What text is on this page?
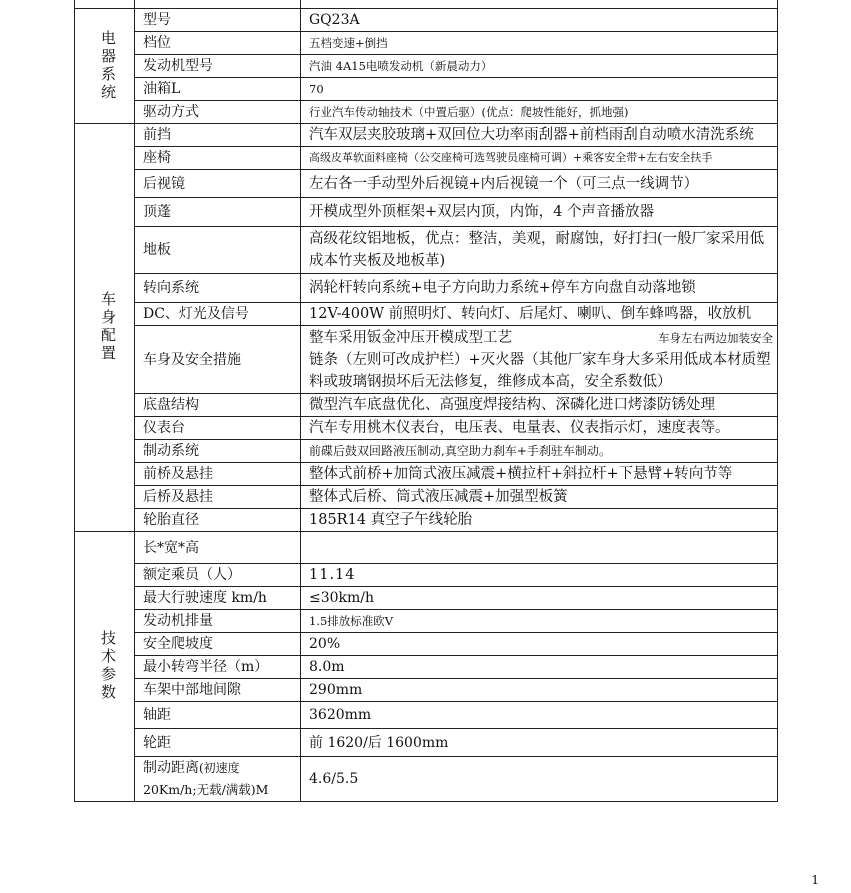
电器系统	型号	GQ23A
	档位	五档变速+倒挡
	发动机型号	汽油 4A15电喷发动机（新晨动力）
	油箱L	70
	驱动方式	行业汽车传动轴技术（中置后驱）(优点：爬坡性能好，抓地强)
车身配置	前挡	汽车双层夹胶玻璃+双回位大功率雨刮器+前档雨刮自动喷水清洗系统
	座椅	高级皮革软面料座椅（公交座椅可选驾驶员座椅可调）+乘客安全带+左右安全扶手
	后视镜	左右各一手动型外后视镜+内后视镜一个（可三点一线调节）
	顶蓬	开模成型外顶框架+双层内顶，内饰，4 个声音播放器
	地板	高级花纹铝地板，优点：整洁，美观，耐腐蚀，好打扫(一般厂家采用低成本竹夹板及地板革)
	转向系统	涡轮杆转向系统+电子方向助力系统+停车方向盘自动落地锁
	DC、灯光及信号	12V-400W 前照明灯、转向灯、后尾灯、喇叭、倒车蜂鸣器，收放机
	车身及安全措施	车身左右两边加装安全
整车采用钣金冲压开模成型工艺
链条（左则可改成护栏）+灭火器（其他厂家车身大多采用低成本材质塑料或玻璃钢损坏后无法修复，维修成本高，安全系数低）
	底盘结构	微型汽车底盘优化、高强度焊接结构、深磷化进口烤漆防锈处理
	仪表台	汽车专用桃木仪表台，电压表、电量表、仪表指示灯，速度表等。
	制动系统	前碟后鼓双回路液压制动,真空助力刹车+手刹驻车制动。
	前桥及悬挂	整体式前桥+加筒式液压减震+横拉杆+斜拉杆+下悬臂+转向节等
	后桥及悬挂	整体式后桥、筒式液压减震+加强型板簧
	轮胎直径	185R14 真空子午线轮胎
技术参数	长*宽*高	
	额定乘员（人）	11.14
	最大行驶速度 km/h	≤30km/h
	发动机排量	1.5排放标准欧V
	安全爬坡度	20%
	最小转弯半径（m）	8.0m
	车架中部地间隙	290mm
	轴距	3620mm
	轮距	前 1620/后 1600mm
	制动距离(初速度
20Km/h;无载/满载)M	4.6/5.5
1
